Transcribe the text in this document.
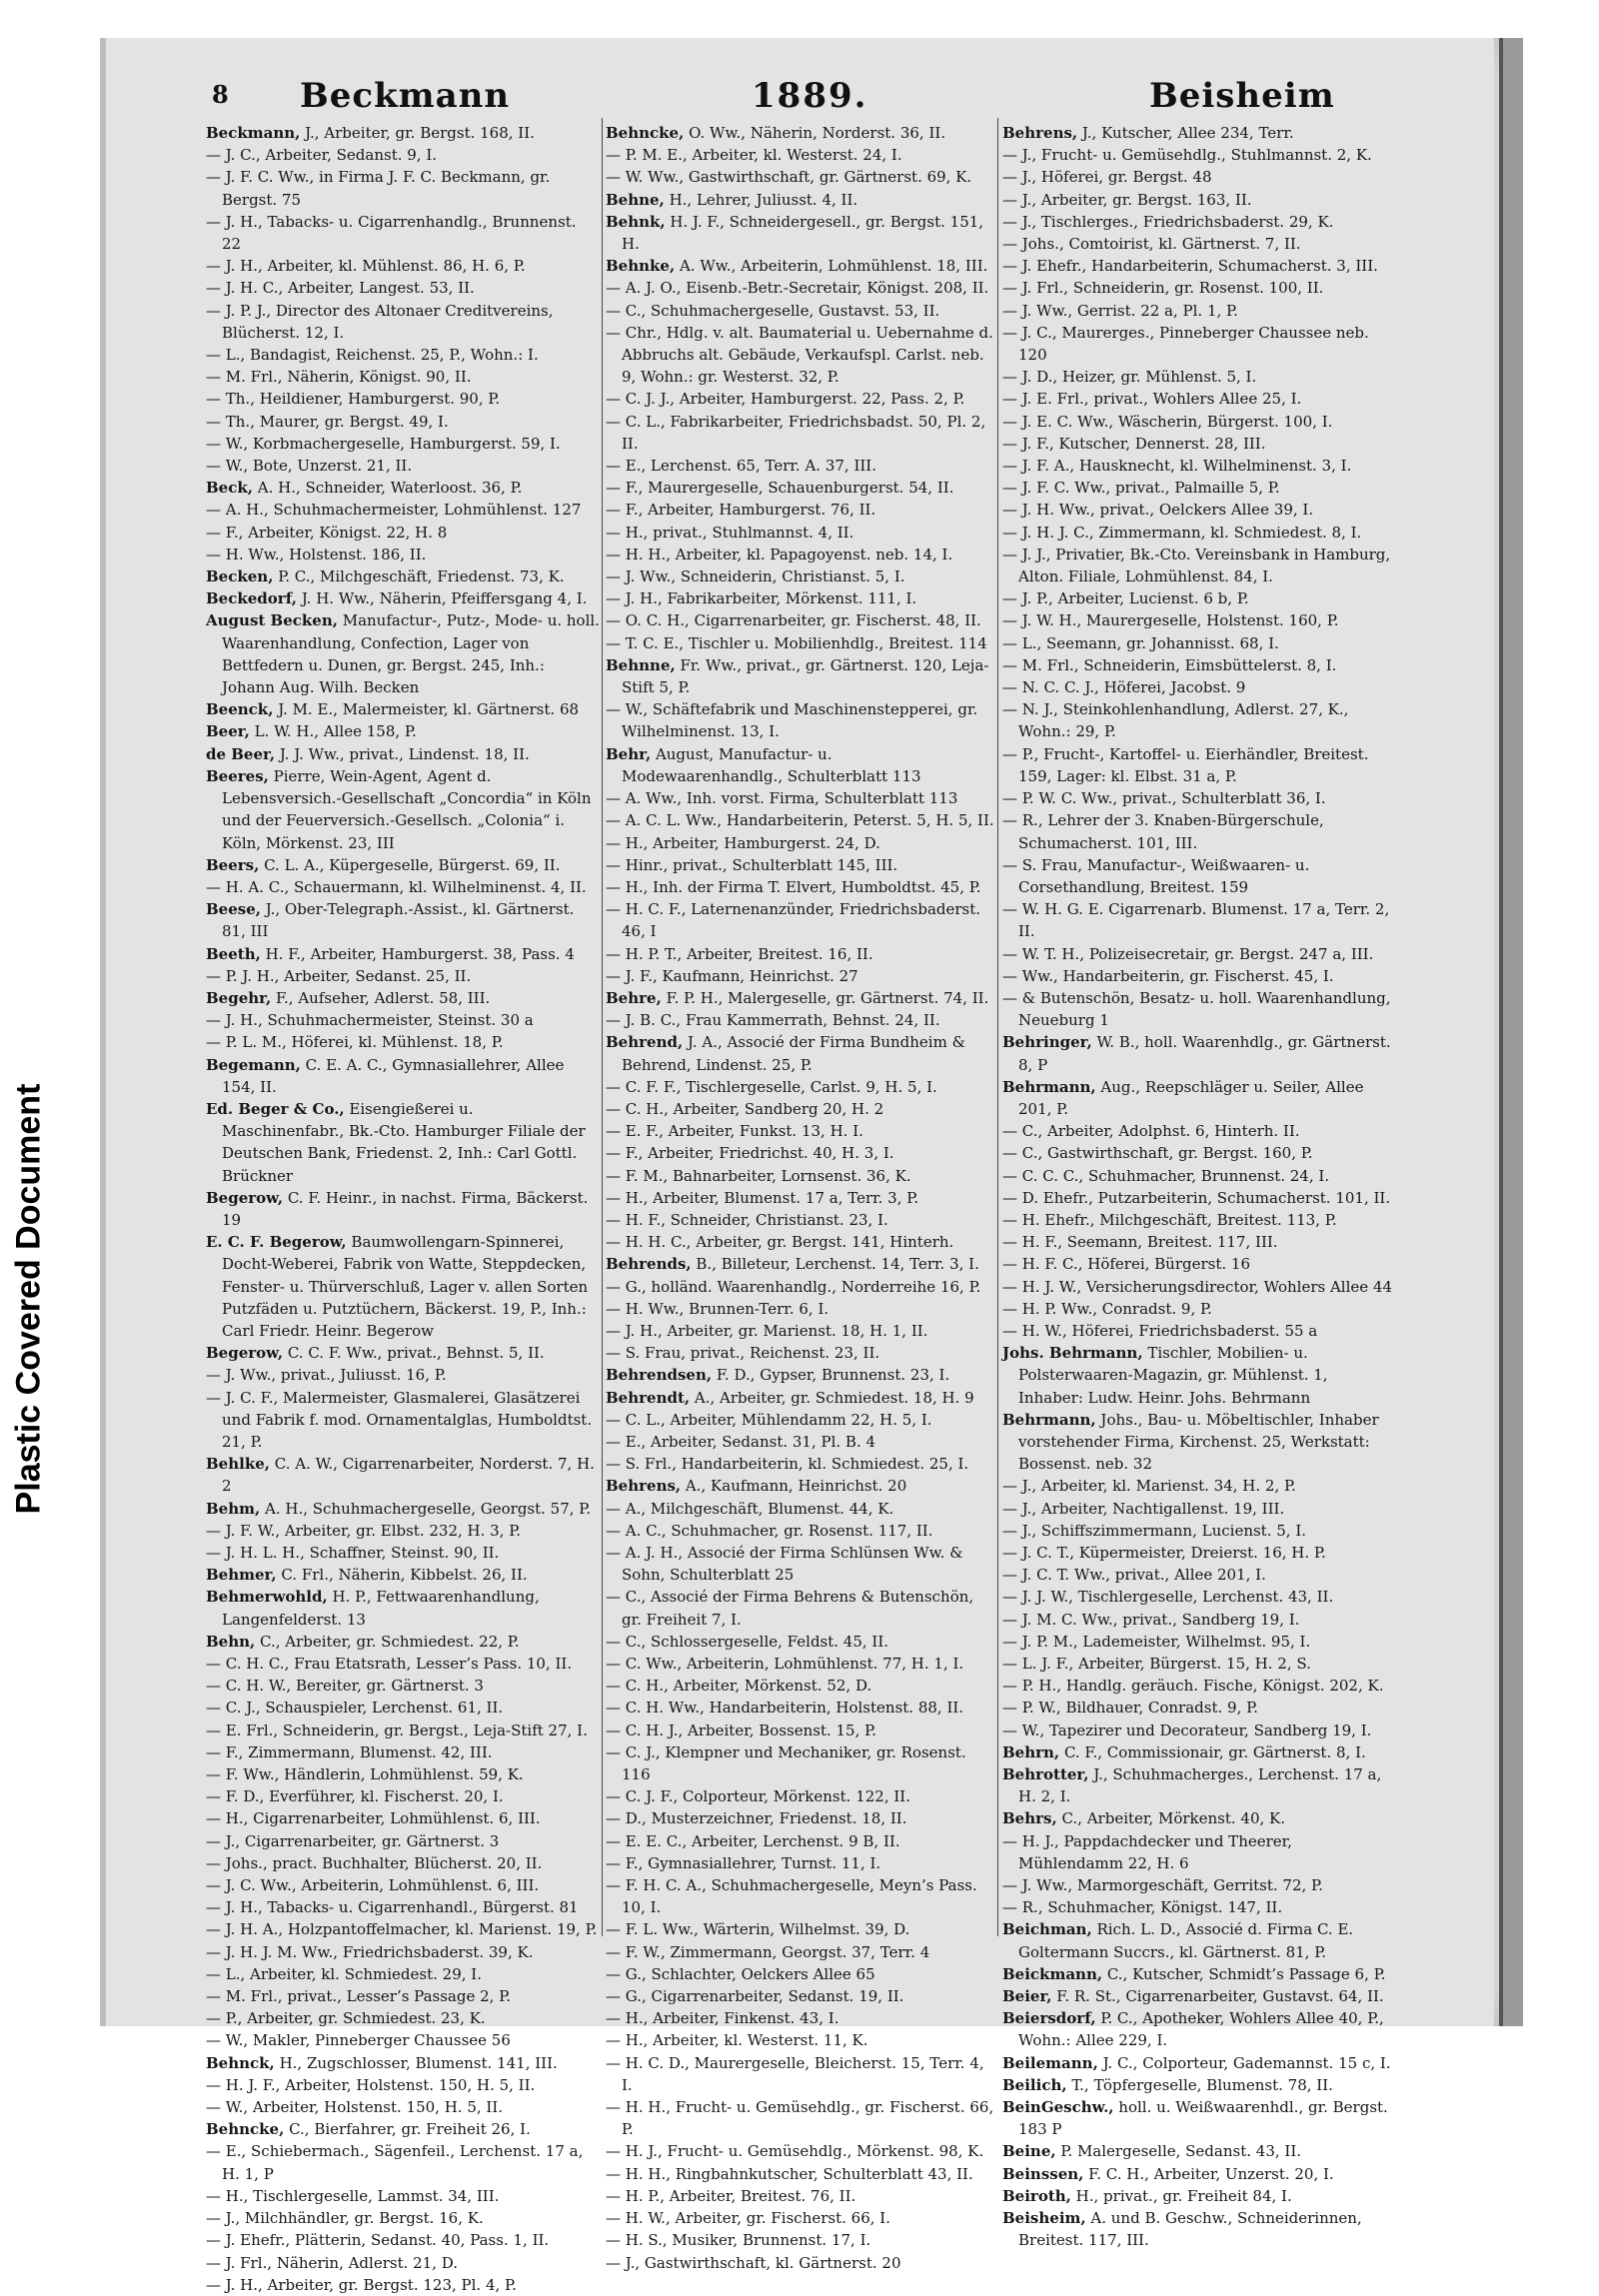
Plastic Covered Document
8 Beckmann	1889.	Beisheim

Beckmann, J., Arbeiter, gr. Bergst. 168, II.

— J. C., Arbeiter, Sedanst. 9, I.

— J. F. C. Ww., in Firma J. F. C. Beckmann, gr. Bergst. 75

— J. H., Tabacks- u. Cigarrenhandlg., Brunnenst. 22

— J. H., Arbeiter, kl. Mühlenst. 86, H. 6, P.

— J. H. C., Arbeiter, Langest. 53, II.

— J. P. J., Director des Altonaer Creditvereins, Blücherst. 12, I.

— L., Bandagist, Reichenst. 25, P., Wohn.: I.

— M. Frl., Näherin, Königst. 90, II.

— Th., Heildiener, Hamburgerst. 90, P.

— Th., Maurer, gr. Bergst. 49, I.

— W., Korbmachergeselle, Hamburgerst. 59, I.

— W., Bote, Unzerst. 21, II.

Beck, A. H., Schneider, Waterloost. 36, P.

— A. H., Schuhmachermeister, Lohmühlenst. 127

— F., Arbeiter, Königst. 22, H. 8

— H. Ww., Holstenst. 186, II.

Becken, P. C., Milchgeschäft, Friedenst. 73, K.

Beckedorf, J. H. Ww., Näherin, Pfeiffersgang 4, I.

August Becken, Manufactur-, Putz-, Mode- u. holl. Waarenhandlung, Confection, Lager von Bettfedern u. Dunen, gr. Bergst. 245, Inh.: Johann Aug. Wilh. Becken

Beenck, J. M. E., Malermeister, kl. Gärtnerst. 68

Beer, L. W. H., Allee 158, P.

de Beer, J. J. Ww., privat., Lindenst. 18, II.

Beeres, Pierre, Wein-Agent, Agent d. Lebensversich.-Gesellschaft „Concordia“ in Köln und der Feuerversich.-Gesellsch. „Colonia“ i. Köln, Mörkenst. 23, III

Beers, C. L. A., Küpergeselle, Bürgerst. 69, II.

— H. A. C., Schauermann, kl. Wilhelminenst. 4, II.

Beese, J., Ober-Telegraph.-Assist., kl. Gärtnerst. 81, III

Beeth, H. F., Arbeiter, Hamburgerst. 38, Pass. 4

— P. J. H., Arbeiter, Sedanst. 25, II.

Begehr, F., Aufseher, Adlerst. 58, III.

— J. H., Schuhmachermeister, Steinst. 30 a

— P. L. M., Höferei, kl. Mühlenst. 18, P.

Begemann, C. E. A. C., Gymnasiallehrer, Allee 154, II.

Ed. Beger & Co., Eisengießerei u. Maschinenfabr., Bk.-Cto. Hamburger Filiale der Deutschen Bank, Friedenst. 2, Inh.: Carl Gottl. Brückner

Begerow, C. F. Heinr., in nachst. Firma, Bäckerst. 19

E. C. F. Begerow, Baumwollengarn-Spinnerei, Docht-Weberei, Fabrik von Watte, Steppdecken, Fenster- u. Thürverschluß, Lager v. allen Sorten Putzfäden u. Putztüchern, Bäckerst. 19, P., Inh.: Carl Friedr. Heinr. Begerow

Begerow, C. C. F. Ww., privat., Behnst. 5, II.

— J. Ww., privat., Juliusst. 16, P.

— J. C. F., Malermeister, Glasmalerei, Glasätzerei und Fabrik f. mod. Ornamentalglas, Humboldtst. 21, P.

Behlke, C. A. W., Cigarrenarbeiter, Norderst. 7, H. 2

Behm, A. H., Schuhmachergeselle, Georgst. 57, P.

— J. F. W., Arbeiter, gr. Elbst. 232, H. 3, P.

— J. H. L. H., Schaffner, Steinst. 90, II.

Behmer, C. Frl., Näherin, Kibbelst. 26, II.

Behmerwohld, H. P., Fettwaarenhandlung, Langenfelderst. 13

Behn, C., Arbeiter, gr. Schmiedest. 22, P.

— C. H. C., Frau Etatsrath, Lesser’s Pass. 10, II.

— C. H. W., Bereiter, gr. Gärtnerst. 3

— C. J., Schauspieler, Lerchenst. 61, II.

— E. Frl., Schneiderin, gr. Bergst., Leja-Stift 27, I.

— F., Zimmermann, Blumenst. 42, III.

— F. Ww., Händlerin, Lohmühlenst. 59, K.

— F. D., Everführer, kl. Fischerst. 20, I.

— H., Cigarrenarbeiter, Lohmühlenst. 6, III.

— J., Cigarrenarbeiter, gr. Gärtnerst. 3

— Johs., pract. Buchhalter, Blücherst. 20, II.

— J. C. Ww., Arbeiterin, Lohmühlenst. 6, III.

— J. H., Tabacks- u. Cigarrenhandl., Bürgerst. 81

— J. H. A., Holzpantoffelmacher, kl. Marienst. 19, P.

— J. H. J. M. Ww., Friedrichsbaderst. 39, K.

— L., Arbeiter, kl. Schmiedest. 29, I.

— M. Frl., privat., Lesser’s Passage 2, P.

— P., Arbeiter, gr. Schmiedest. 23, K.

— W., Makler, Pinneberger Chaussee 56

Behnck, H., Zugschlosser, Blumenst. 141, III.

— H. J. F., Arbeiter, Holstenst. 150, H. 5, II.

— W., Arbeiter, Holstenst. 150, H. 5, II.

Behncke, C., Bierfahrer, gr. Freiheit 26, I.

— E., Schiebermach., Sägenfeil., Lerchenst. 17 a, H. 1, P

— H., Tischlergeselle, Lammst. 34, III.

— J., Milchhändler, gr. Bergst. 16, K.

— J. Ehefr., Plätterin, Sedanst. 40, Pass. 1, II.

— J. Frl., Näherin, Adlerst. 21, D.

— J. H., Arbeiter, gr. Bergst. 123, Pl. 4, P.

Behncke, O. Ww., Näherin, Norderst. 36, II.

— P. M. E., Arbeiter, kl. Westerst. 24, I.

— W. Ww., Gastwirthschaft, gr. Gärtnerst. 69, K.

Behne, H., Lehrer, Juliusst. 4, II.

Behnk, H. J. F., Schneidergesell., gr. Bergst. 151, H.

Behnke, A. Ww., Arbeiterin, Lohmühlenst. 18, III.

— A. J. O., Eisenb.-Betr.-Secretair, Königst. 208, II.

— C., Schuhmachergeselle, Gustavst. 53, II.

— Chr., Hdlg. v. alt. Baumaterial u. Uebernahme d. Abbruchs alt. Gebäude, Verkaufspl. Carlst. neb. 9, Wohn.: gr. Westerst. 32, P.

— C. J. J., Arbeiter, Hamburgerst. 22, Pass. 2, P.

— C. L., Fabrikarbeiter, Friedrichsbadst. 50, Pl. 2, II.

— E., Lerchenst. 65, Terr. A. 37, III.

— F., Maurergeselle, Schauenburgerst. 54, II.

— F., Arbeiter, Hamburgerst. 76, II.

— H., privat., Stuhlmannst. 4, II.

— H. H., Arbeiter, kl. Papagoyenst. neb. 14, I.

— J. Ww., Schneiderin, Christianst. 5, I.

— J. H., Fabrikarbeiter, Mörkenst. 111, I.

— O. C. H., Cigarrenarbeiter, gr. Fischerst. 48, II.

— T. C. E., Tischler u. Mobilienhdlg., Breitest. 114

Behnne, Fr. Ww., privat., gr. Gärtnerst. 120, Leja-Stift 5, P.

— W., Schäftefabrik und Maschinenstepperei, gr. Wilhelminenst. 13, I.

Behr, August, Manufactur- u. Modewaarenhandlg., Schulterblatt 113

— A. Ww., Inh. vorst. Firma, Schulterblatt 113

— A. C. L. Ww., Handarbeiterin, Peterst. 5, H. 5, II.

— H., Arbeiter, Hamburgerst. 24, D.

— Hinr., privat., Schulterblatt 145, III.

— H., Inh. der Firma T. Elvert, Humboldtst. 45, P.

— H. C. F., Laternenanzünder, Friedrichsbaderst. 46, I

— H. P. T., Arbeiter, Breitest. 16, II.

— J. F., Kaufmann, Heinrichst. 27

Behre, F. P. H., Malergeselle, gr. Gärtnerst. 74, II.

— J. B. C., Frau Kammerrath, Behnst. 24, II.

Behrend, J. A., Associé der Firma Bundheim & Behrend, Lindenst. 25, P.

— C. F. F., Tischlergeselle, Carlst. 9, H. 5, I.

— C. H., Arbeiter, Sandberg 20, H. 2

— E. F., Arbeiter, Funkst. 13, H. I.

— F., Arbeiter, Friedrichst. 40, H. 3, I.

— F. M., Bahnarbeiter, Lornsenst. 36, K.

— H., Arbeiter, Blumenst. 17 a, Terr. 3, P.

— H. F., Schneider, Christianst. 23, I.

— H. H. C., Arbeiter, gr. Bergst. 141, Hinterh.

Behrends, B., Billeteur, Lerchenst. 14, Terr. 3, I.

— G., holländ. Waarenhandlg., Norderreihe 16, P.

— H. Ww., Brunnen-Terr. 6, I.

— J. H., Arbeiter, gr. Marienst. 18, H. 1, II.

— S. Frau, privat., Reichenst. 23, II.

Behrendsen, F. D., Gypser, Brunnenst. 23, I.

Behrendt, A., Arbeiter, gr. Schmiedest. 18, H. 9

— C. L., Arbeiter, Mühlendamm 22, H. 5, I.

— E., Arbeiter, Sedanst. 31, Pl. B. 4

— S. Frl., Handarbeiterin, kl. Schmiedest. 25, I.

Behrens, A., Kaufmann, Heinrichst. 20

— A., Milchgeschäft, Blumenst. 44, K.

— A. C., Schuhmacher, gr. Rosenst. 117, II.

— A. J. H., Associé der Firma Schlünsen Ww. & Sohn, Schulterblatt 25

— C., Associé der Firma Behrens & Butenschön, gr. Freiheit 7, I.

— C., Schlossergeselle, Feldst. 45, II.

— C. Ww., Arbeiterin, Lohmühlenst. 77, H. 1, I.

— C. H., Arbeiter, Mörkenst. 52, D.

— C. H. Ww., Handarbeiterin, Holstenst. 88, II.

— C. H. J., Arbeiter, Bossenst. 15, P.

— C. J., Klempner und Mechaniker, gr. Rosenst. 116

— C. J. F., Colporteur, Mörkenst. 122, II.

— D., Musterzeichner, Friedenst. 18, II.

— E. E. C., Arbeiter, Lerchenst. 9 B, II.

— F., Gymnasiallehrer, Turnst. 11, I.

— F. H. C. A., Schuhmachergeselle, Meyn’s Pass. 10, I.

— F. L. Ww., Wärterin, Wilhelmst. 39, D.

— F. W., Zimmermann, Georgst. 37, Terr. 4

— G., Schlachter, Oelckers Allee 65

— G., Cigarrenarbeiter, Sedanst. 19, II.

— H., Arbeiter, Finkenst. 43, I.

— H., Arbeiter, kl. Westerst. 11, K.

— H. C. D., Maurergeselle, Bleicherst. 15, Terr. 4, I.

— H. H., Frucht- u. Gemüsehdlg., gr. Fischerst. 66, P.

— H. J., Frucht- u. Gemüsehdlg., Mörkenst. 98, K.

— H. H., Ringbahnkutscher, Schulterblatt 43, II.

— H. P., Arbeiter, Breitest. 76, II.

— H. W., Arbeiter, gr. Fischerst. 66, I.

— H. S., Musiker, Brunnenst. 17, I.

— J., Gastwirthschaft, kl. Gärtnerst. 20

Behrens, J., Kutscher, Allee 234, Terr.

— J., Frucht- u. Gemüsehdlg., Stuhlmannst. 2, K.

— J., Höferei, gr. Bergst. 48

— J., Arbeiter, gr. Bergst. 163, II.

— J., Tischlerges., Friedrichsbaderst. 29, K.

— Johs., Comtoirist, kl. Gärtnerst. 7, II.

— J. Ehefr., Handarbeiterin, Schumacherst. 3, III.

— J. Frl., Schneiderin, gr. Rosenst. 100, II.

— J. Ww., Gerrist. 22 a, Pl. 1, P.

— J. C., Maurerges., Pinneberger Chaussee neb. 120

— J. D., Heizer, gr. Mühlenst. 5, I.

— J. E. Frl., privat., Wohlers Allee 25, I.

— J. E. C. Ww., Wäscherin, Bürgerst. 100, I.

— J. F., Kutscher, Dennerst. 28, III.

— J. F. A., Hausknecht, kl. Wilhelminenst. 3, I.

— J. F. C. Ww., privat., Palmaille 5, P.

— J. H. Ww., privat., Oelckers Allee 39, I.

— J. H. J. C., Zimmermann, kl. Schmiedest. 8, I.

— J. J., Privatier, Bk.-Cto. Vereinsbank in Hamburg, Alton. Filiale, Lohmühlenst. 84, I.

— J. P., Arbeiter, Lucienst. 6 b, P.

— J. W. H., Maurergeselle, Holstenst. 160, P.

— L., Seemann, gr. Johannisst. 68, I.

— M. Frl., Schneiderin, Eimsbüttelerst. 8, I.

— N. C. C. J., Höferei, Jacobst. 9

— N. J., Steinkohlenhandlung, Adlerst. 27, K., Wohn.: 29, P.

— P., Frucht-, Kartoffel- u. Eierhändler, Breitest. 159, Lager: kl. Elbst. 31 a, P.

— P. W. C. Ww., privat., Schulterblatt 36, I.

— R., Lehrer der 3. Knaben-Bürgerschule, Schumacherst. 101, III.

— S. Frau, Manufactur-, Weißwaaren- u. Corsethandlung, Breitest. 159

— W. H. G. E. Cigarrenarb. Blumenst. 17 a, Terr. 2, II.

— W. T. H., Polizeisecretair, gr. Bergst. 247 a, III.

— Ww., Handarbeiterin, gr. Fischerst. 45, I.

— & Butenschön, Besatz- u. holl. Waarenhandlung, Neueburg 1

Behringer, W. B., holl. Waarenhdlg., gr. Gärtnerst. 8, P

Behrmann, Aug., Reepschläger u. Seiler, Allee 201, P.

— C., Arbeiter, Adolphst. 6, Hinterh. II.

— C., Gastwirthschaft, gr. Bergst. 160, P.

— C. C. C., Schuhmacher, Brunnenst. 24, I.

— D. Ehefr., Putzarbeiterin, Schumacherst. 101, II.

— H. Ehefr., Milchgeschäft, Breitest. 113, P.

— H. F., Seemann, Breitest. 117, III.

— H. F. C., Höferei, Bürgerst. 16

— H. J. W., Versicherungsdirector, Wohlers Allee 44

— H. P. Ww., Conradst. 9, P.

— H. W., Höferei, Friedrichsbaderst. 55 a

Johs. Behrmann, Tischler, Mobilien- u. Polsterwaaren-Magazin, gr. Mühlenst. 1, Inhaber: Ludw. Heinr. Johs. Behrmann

Behrmann, Johs., Bau- u. Möbeltischler, Inhaber vorstehender Firma, Kirchenst. 25, Werkstatt: Bossenst. neb. 32

— J., Arbeiter, kl. Marienst. 34, H. 2, P.

— J., Arbeiter, Nachtigallenst. 19, III.

— J., Schiffszimmermann, Lucienst. 5, I.

— J. C. T., Küpermeister, Dreierst. 16, H. P.

— J. C. T. Ww., privat., Allee 201, I.

— J. J. W., Tischlergeselle, Lerchenst. 43, II.

— J. M. C. Ww., privat., Sandberg 19, I.

— J. P. M., Lademeister, Wilhelmst. 95, I.

— L. J. F., Arbeiter, Bürgerst. 15, H. 2, S.

— P. H., Handlg. geräuch. Fische, Königst. 202, K.

— P. W., Bildhauer, Conradst. 9, P.

— W., Tapezirer und Decorateur, Sandberg 19, I.

Behrn, C. F., Commissionair, gr. Gärtnerst. 8, I.

Behrotter, J., Schuhmacherges., Lerchenst. 17 a, H. 2, I.

Behrs, C., Arbeiter, Mörkenst. 40, K.

— H. J., Pappdachdecker und Theerer, Mühlendamm 22, H. 6

— J. Ww., Marmorgeschäft, Gerritst. 72, P.

— R., Schuhmacher, Königst. 147, II.

Beichman, Rich. L. D., Associé d. Firma C. E. Goltermann Succrs., kl. Gärtnerst. 81, P.

Beickmann, C., Kutscher, Schmidt’s Passage 6, P.

Beier, F. R. St., Cigarrenarbeiter, Gustavst. 64, II.

Beiersdorf, P. C., Apotheker, Wohlers Allee 40, P., Wohn.: Allee 229, I.

Beilemann, J. C., Colporteur, Gademannst. 15 c, I.

Beilich, T., Töpfergeselle, Blumenst. 78, II.

BeinGeschw., holl. u. Weißwaarenhdl., gr. Bergst. 183 P

Beine, P. Malergeselle, Sedanst. 43, II.

Beinssen, F. C. H., Arbeiter, Unzerst. 20, I.

Beiroth, H., privat., gr. Freiheit 84, I.

Beisheim, A. und B. Geschw., Schneiderinnen, Breitest. 117, III.
